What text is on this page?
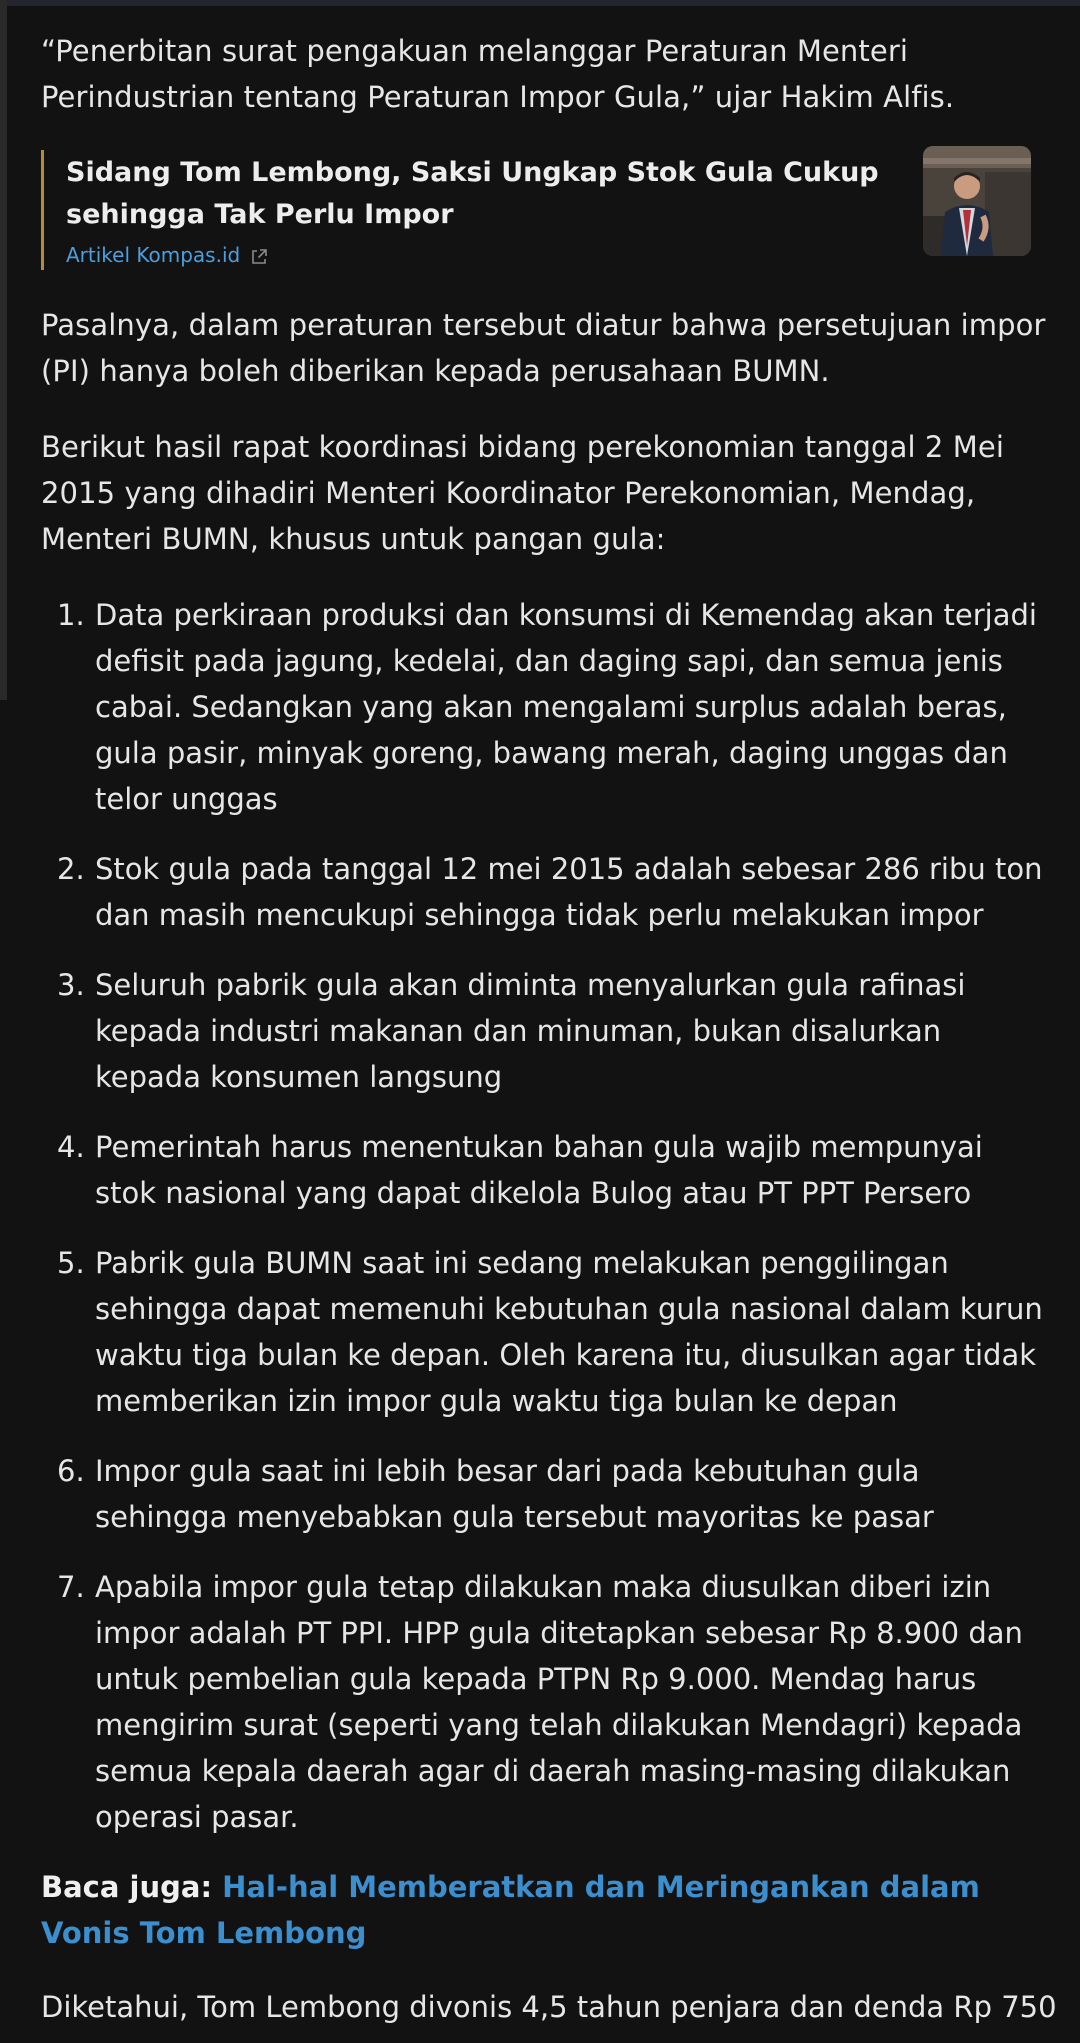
“Penerbitan surat pengakuan melanggar Peraturan Menteri Perindustrian tentang Peraturan Impor Gula,” ujar Hakim Alfis.

Sidang Tom Lembong, Saksi Ungkap Stok Gula Cukup sehingga Tak Perlu Impor
Artikel Kompas.id

Pasalnya, dalam peraturan tersebut diatur bahwa persetujuan impor (PI) hanya boleh diberikan kepada perusahaan BUMN.

Berikut hasil rapat koordinasi bidang perekonomian tanggal 2 Mei 2015 yang dihadiri Menteri Koordinator Perekonomian, Mendag, Menteri BUMN, khusus untuk pangan gula:

1. Data perkiraan produksi dan konsumsi di Kemendag akan terjadi defisit pada jagung, kedelai, dan daging sapi, dan semua jenis cabai. Sedangkan yang akan mengalami surplus adalah beras, gula pasir, minyak goreng, bawang merah, daging unggas dan telor unggas
2. Stok gula pada tanggal 12 mei 2015 adalah sebesar 286 ribu ton dan masih mencukupi sehingga tidak perlu melakukan impor
3. Seluruh pabrik gula akan diminta menyalurkan gula rafinasi kepada industri makanan dan minuman, bukan disalurkan kepada konsumen langsung
4. Pemerintah harus menentukan bahan gula wajib mempunyai stok nasional yang dapat dikelola Bulog atau PT PPT Persero
5. Pabrik gula BUMN saat ini sedang melakukan penggilingan sehingga dapat memenuhi kebutuhan gula nasional dalam kurun waktu tiga bulan ke depan. Oleh karena itu, diusulkan agar tidak memberikan izin impor gula waktu tiga bulan ke depan
6. Impor gula saat ini lebih besar dari pada kebutuhan gula sehingga menyebabkan gula tersebut mayoritas ke pasar
7. Apabila impor gula tetap dilakukan maka diusulkan diberi izin impor adalah PT PPI. HPP gula ditetapkan sebesar Rp 8.900 dan untuk pembelian gula kepada PTPN Rp 9.000. Mendag harus mengirim surat (seperti yang telah dilakukan Mendagri) kepada semua kepala daerah agar di daerah masing-masing dilakukan operasi pasar.
Baca juga: Hal-hal Memberatkan dan Meringankan dalam Vonis Tom Lembong

Diketahui, Tom Lembong divonis 4,5 tahun penjara dan denda Rp 750
